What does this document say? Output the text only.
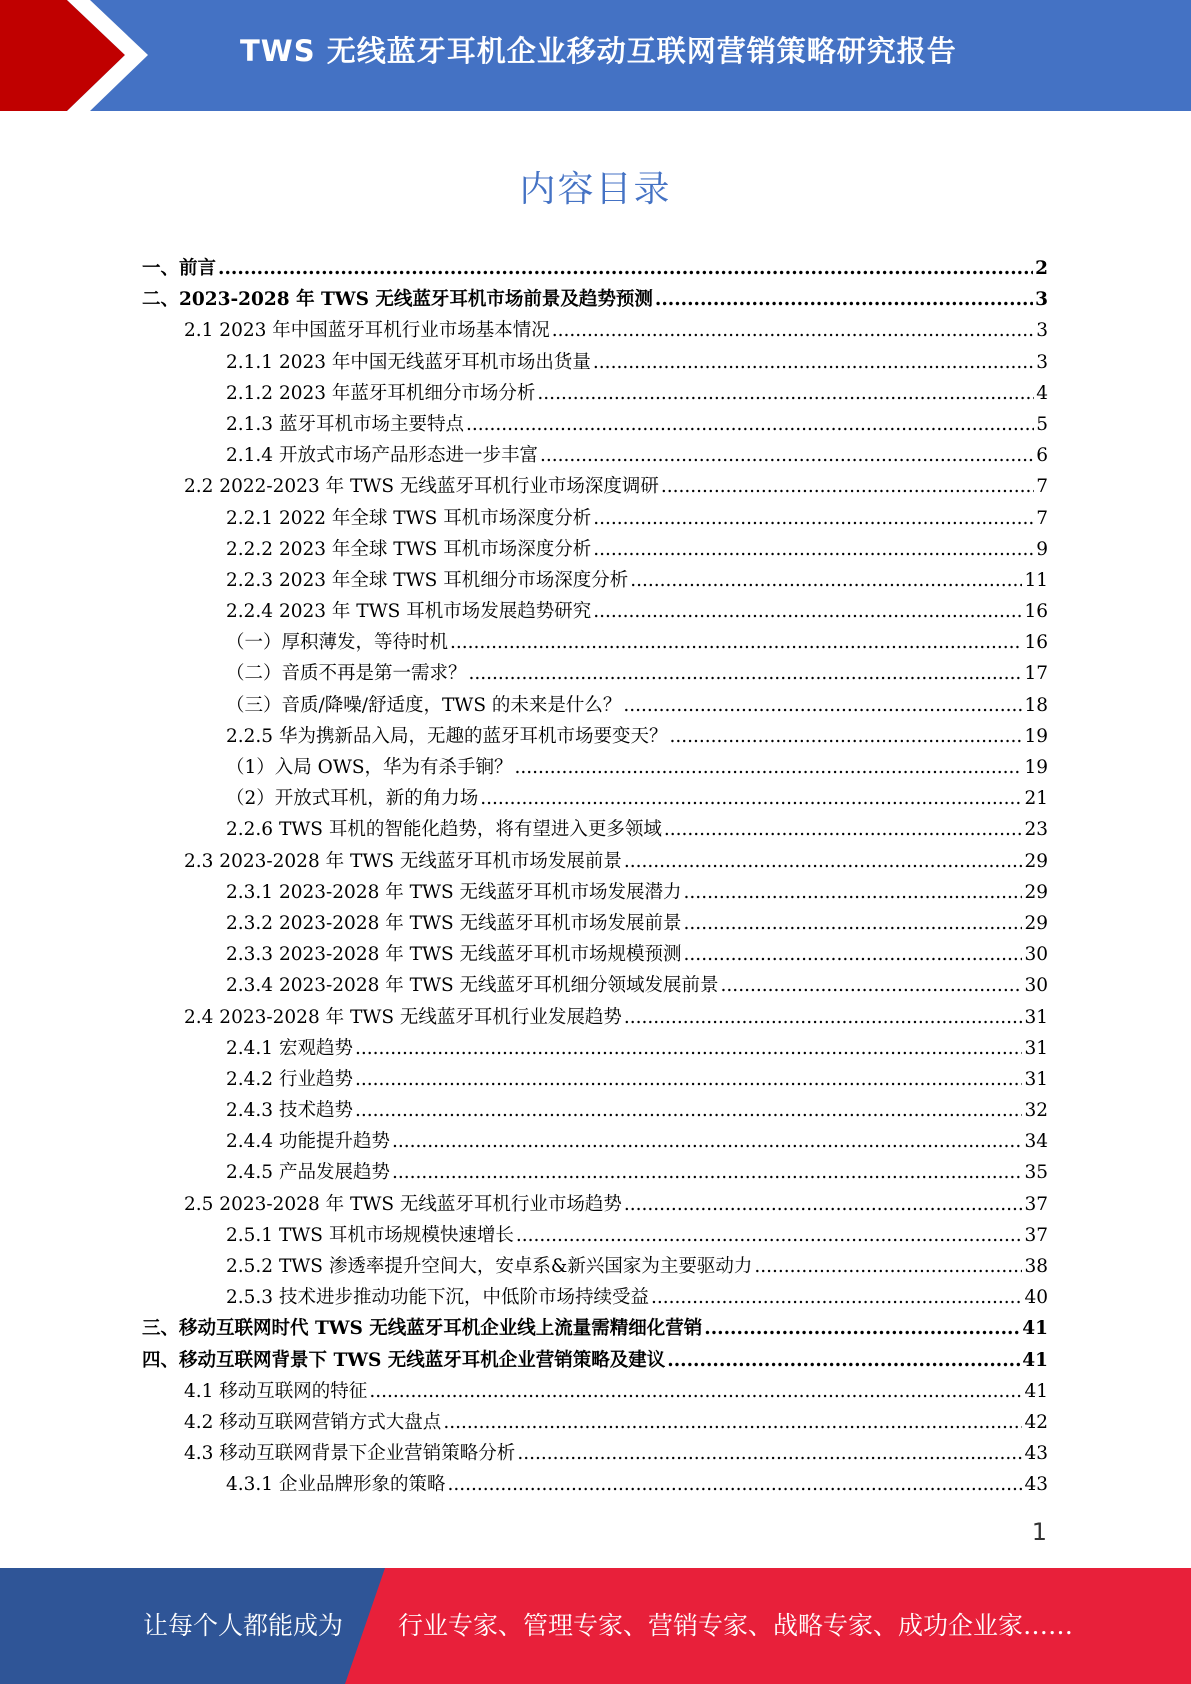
TWS 无线蓝牙耳机企业移动互联网营销策略研究报告
内容目录
一、前言 .....	2
二、2023-2028 年 TWS 无线蓝牙耳机市场前景及趋势预测 .....	3
2.1 2023 年中国蓝牙耳机行业市场基本情况 .....	3
2.1.1 2023 年中国无线蓝牙耳机市场出货量 .....	3
2.1.2 2023 年蓝牙耳机细分市场分析 .....	4
2.1.3 蓝牙耳机市场主要特点 .....	5
2.1.4 开放式市场产品形态进一步丰富 .....	6
2.2 2022-2023 年 TWS 无线蓝牙耳机行业市场深度调研 .....	7
2.2.1 2022 年全球 TWS 耳机市场深度分析 .....	7
2.2.2 2023 年全球 TWS 耳机市场深度分析 .....	9
2.2.3 2023 年全球 TWS 耳机细分市场深度分析 .....	11
2.2.4 2023 年 TWS 耳机市场发展趋势研究 .....	16
（一）厚积薄发，等待时机 .....	16
（二）音质不再是第一需求？ .....	17
（三）音质/降噪/舒适度，TWS 的未来是什么？ .....	18
2.2.5 华为携新品入局，无趣的蓝牙耳机市场要变天？ .....	19
（1）入局 OWS，华为有杀手锏？ .....	19
（2）开放式耳机，新的角力场 .....	21
2.2.6 TWS 耳机的智能化趋势，将有望进入更多领域 .....	23
2.3 2023-2028 年 TWS 无线蓝牙耳机市场发展前景 .....	29
2.3.1 2023-2028 年 TWS 无线蓝牙耳机市场发展潜力 .....	29
2.3.2 2023-2028 年 TWS 无线蓝牙耳机市场发展前景 .....	29
2.3.3 2023-2028 年 TWS 无线蓝牙耳机市场规模预测 .....	30
2.3.4 2023-2028 年 TWS 无线蓝牙耳机细分领域发展前景 .....	30
2.4 2023-2028 年 TWS 无线蓝牙耳机行业发展趋势 .....	31
2.4.1 宏观趋势 .....	31
2.4.2 行业趋势 .....	31
2.4.3 技术趋势 .....	32
2.4.4 功能提升趋势 .....	34
2.4.5 产品发展趋势 .....	35
2.5 2023-2028 年 TWS 无线蓝牙耳机行业市场趋势 .....	37
2.5.1 TWS 耳机市场规模快速增长 .....	37
2.5.2 TWS 渗透率提升空间大，安卓系&新兴国家为主要驱动力 .....	38
2.5.3 技术进步推动功能下沉，中低阶市场持续受益 .....	40
三、移动互联网时代 TWS 无线蓝牙耳机企业线上流量需精细化营销 .....	41
四、移动互联网背景下 TWS 无线蓝牙耳机企业营销策略及建议 .....	41
4.1 移动互联网的特征 .....	41
4.2 移动互联网营销方式大盘点 .....	42
4.3 移动互联网背景下企业营销策略分析 .....	43
4.3.1 企业品牌形象的策略 .....	43
1
让每个人都能成为 行业专家、管理专家、营销专家、战略专家、成功企业家……
